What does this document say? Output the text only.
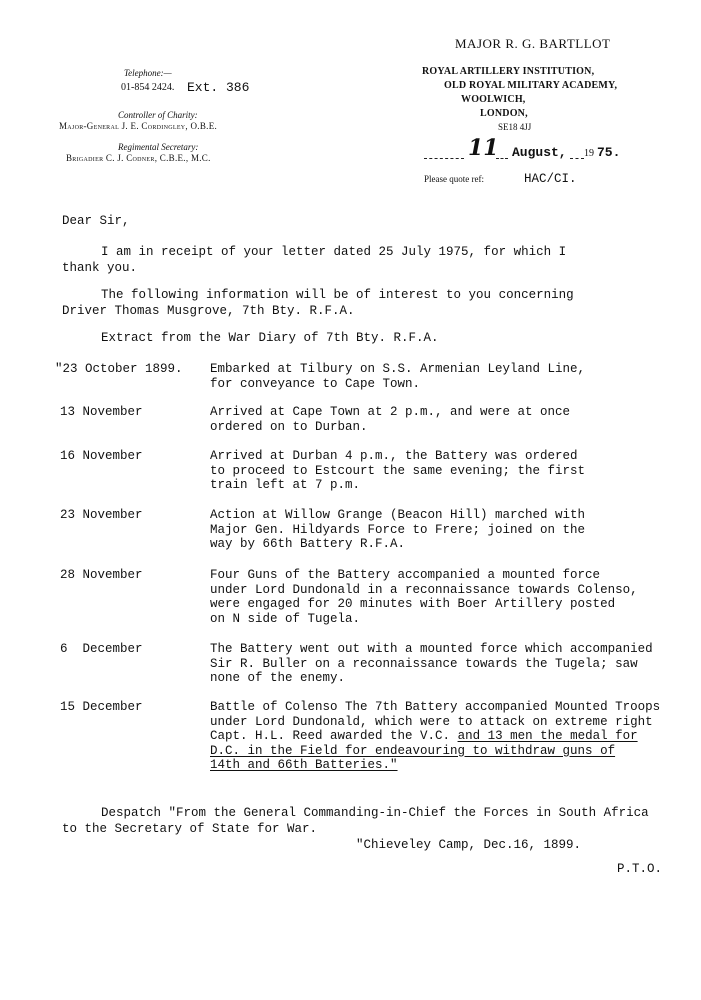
MAJOR R. G. BARTLLOT
ROYAL ARTILLERY INSTITUTION,
OLD ROYAL MILITARY ACADEMY,
WOOLWICH,
LONDON,
SE18 4JJ
Telephone:—
01-854 2424. Ext. 386
Controller of Charity:
Major-General J. E. Cordingley, O.B.E.
Regimental Secretary:
Brigadier C. J. Codner, C.B.E., M.C.	11 August, 19 75.
Please quote ref:	HAC/CI.
Dear Sir,
I am in receipt of your letter dated 25 July 1975, for which I
thank you.
The following information will be of interest to you concerning
Driver Thomas Musgrove, 7th Bty. R.F.A.
Extract from the War Diary of 7th Bty. R.F.A.
"23 October 1899. Embarked at Tilbury on S.S. Armenian Leyland Line,
for conveyance to Cape Town.
13 November	Arrived at Cape Town at 2 p.m., and were at once
ordered on to Durban.
16 November	Arrived at Durban 4 p.m., the Battery was ordered
to proceed to Estcourt the same evening; the first
train left at 7 p.m.
23 November	Action at Willow Grange (Beacon Hill) marched with
Major Gen. Hildyards Force to Frere; joined on the
way by 66th Battery R.F.A.
28 November	Four Guns of the Battery accompanied a mounted force
under Lord Dundonald in a reconnaissance towards Colenso,
were engaged for 20 minutes with Boer Artillery posted
on N side of Tugela.
6  December	The Battery went out with a mounted force which accompanied
Sir R. Buller on a reconnaissance towards the Tugela; saw
none of the enemy.
15 December	Battle of Colenso The 7th Battery accompanied Mounted Troops
under Lord Dundonald, which were to attack on extreme right
Capt. H.L. Reed awarded the V.C. and 13 men the medal for
D.C. in the Field for endeavouring to withdraw guns of
14th and 66th Batteries."
Despatch "From the General Commanding-in-Chief the Forces in South Africa
to the Secretary of State for War.
"Chieveley Camp, Dec.16, 1899.
P.T.O.
